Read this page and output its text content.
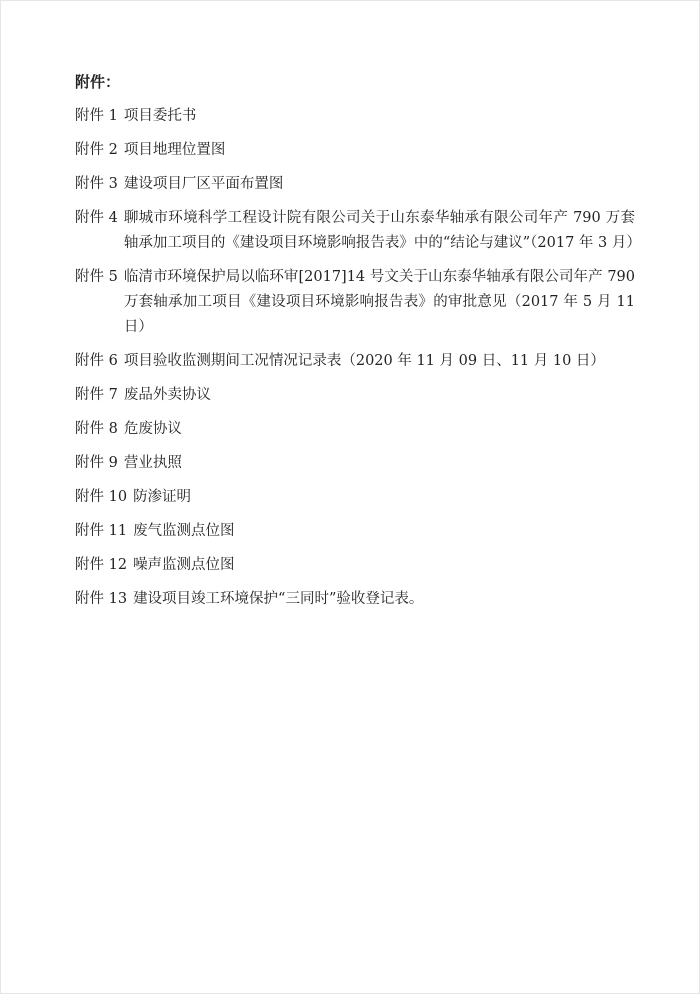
附件：
附件 1 项目委托书
附件 2 项目地理位置图
附件 3 建设项目厂区平面布置图
附件 4 聊城市环境科学工程设计院有限公司关于山东泰华轴承有限公司年产 790 万套轴承加工项目的《建设项目环境影响报告表》中的“结论与建议”（2017 年 3 月）
附件 5 临清市环境保护局以临环审[2017]14 号文关于山东泰华轴承有限公司年产 790 万套轴承加工项目《建设项目环境影响报告表》的审批意见（2017 年 5 月 11 日）
附件 6 项目验收监测期间工况情况记录表（2020 年 11 月 09 日、11 月 10 日）
附件 7 废品外卖协议
附件 8 危废协议
附件 9 营业执照
附件 10 防渗证明
附件 11 废气监测点位图
附件 12 噪声监测点位图
附件 13 建设项目竣工环境保护“三同时”验收登记表。
